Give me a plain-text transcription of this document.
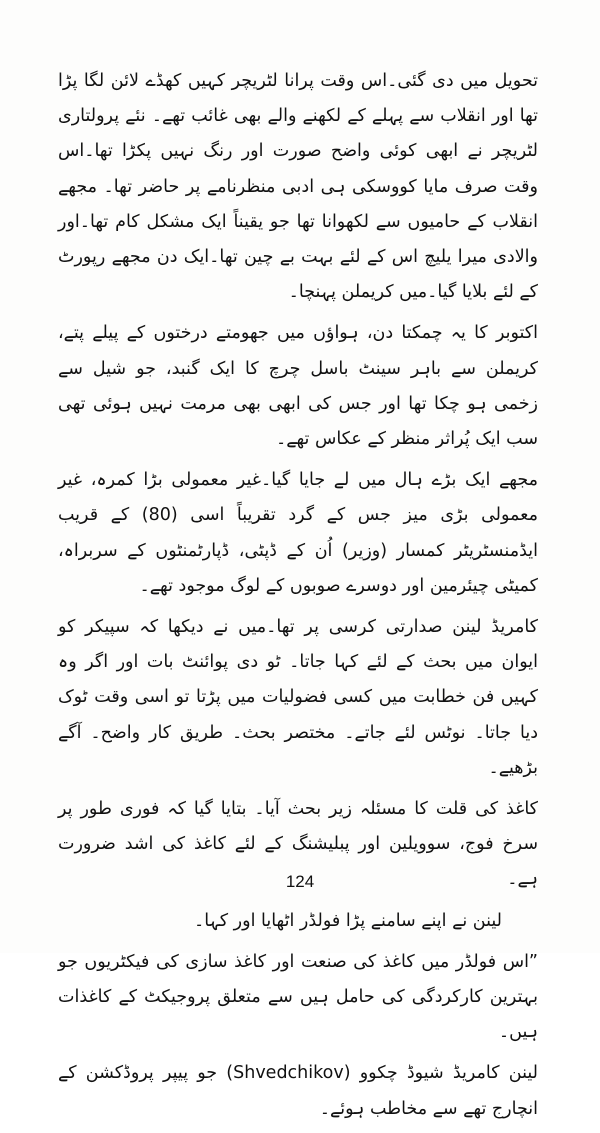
تحویل میں دی گئی۔اس وقت پرانا لٹریچر کہیں کھڈے لائن لگا پڑا تھا اور انقلاب سے پہلے کے لکھنے والے بھی غائب تھے۔ نئے پرولتاری لٹریچر نے ابھی کوئی واضح صورت اور رنگ نہیں پکڑا تھا۔اس وقت صرف مایا کووسکی ہی ادبی منظرنامے پر حاضر تھا۔ مجھے انقلاب کے حامیوں سے لکھوانا تھا جو یقیناً ایک مشکل کام تھا۔اور والادی میرا یلیچ اس کے لئے بہت بے چین تھا۔ایک دن مجھے رپورٹ کے لئے بلایا گیا۔میں کریملن پہنچا۔

اکتوبر کا یہ چمکتا دن، ہواؤں میں جھومتے درختوں کے پیلے پتے، کریملن سے باہر سینٹ باسل چرچ کا ایک گنبد، جو شیل سے زخمی ہو چکا تھا اور جس کی ابھی بھی مرمت نہیں ہوئی تھی سب ایک پُراثر منظر کے عکاس تھے۔

مجھے ایک بڑے ہال میں لے جایا گیا۔غیر معمولی بڑا کمرہ، غیر معمولی بڑی میز جس کے گرد تقریباً اسی (80) کے قریب ایڈمنسٹریٹر کمسار (وزیر) اُن کے ڈپٹی، ڈپارٹمنٹوں کے سربراہ، کمیٹی چیئرمین اور دوسرے صوبوں کے لوگ موجود تھے۔

کامریڈ لینن صدارتی کرسی پر تھا۔میں نے دیکھا کہ سپیکر کو ایوان میں بحث کے لئے کہا جاتا۔ ٹو دی پوائنٹ بات اور اگر وہ کہیں فن خطابت میں کسی فضولیات میں پڑتا تو اسی وقت ٹوک دیا جاتا۔ نوٹس لئے جاتے۔ مختصر بحث۔ طریق کار واضح۔ آگے بڑھیے۔

کاغذ کی قلت کا مسئلہ زیر بحث آیا۔ بتایا گیا کہ فوری طور پر سرخ فوج، سوویلین اور پبلیشنگ کے لئے کاغذ کی اشد ضرورت ہے۔

لینن نے اپنے سامنے پڑا فولڈر اٹھایا اور کہا۔

”اس فولڈر میں کاغذ کی صنعت اور کاغذ سازی کی فیکٹریوں جو بہترین کارکردگی کی حامل ہیں سے متعلق پروجیکٹ کے کاغذات ہیں۔

لینن کامریڈ شیوڈ چکوو (Shvedchikov) جو پیپر پروڈکشن کے انچارج تھے سے مخاطب ہوئے۔

124
